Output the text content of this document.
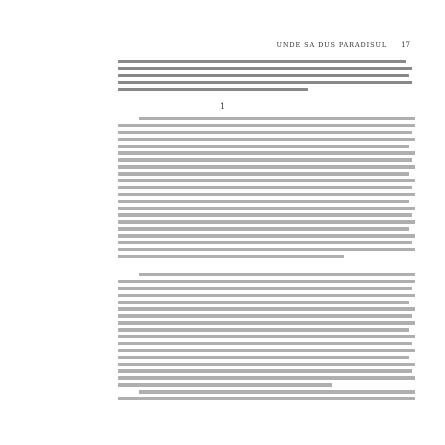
UNDE SA DUS PARADISUL 17
1
